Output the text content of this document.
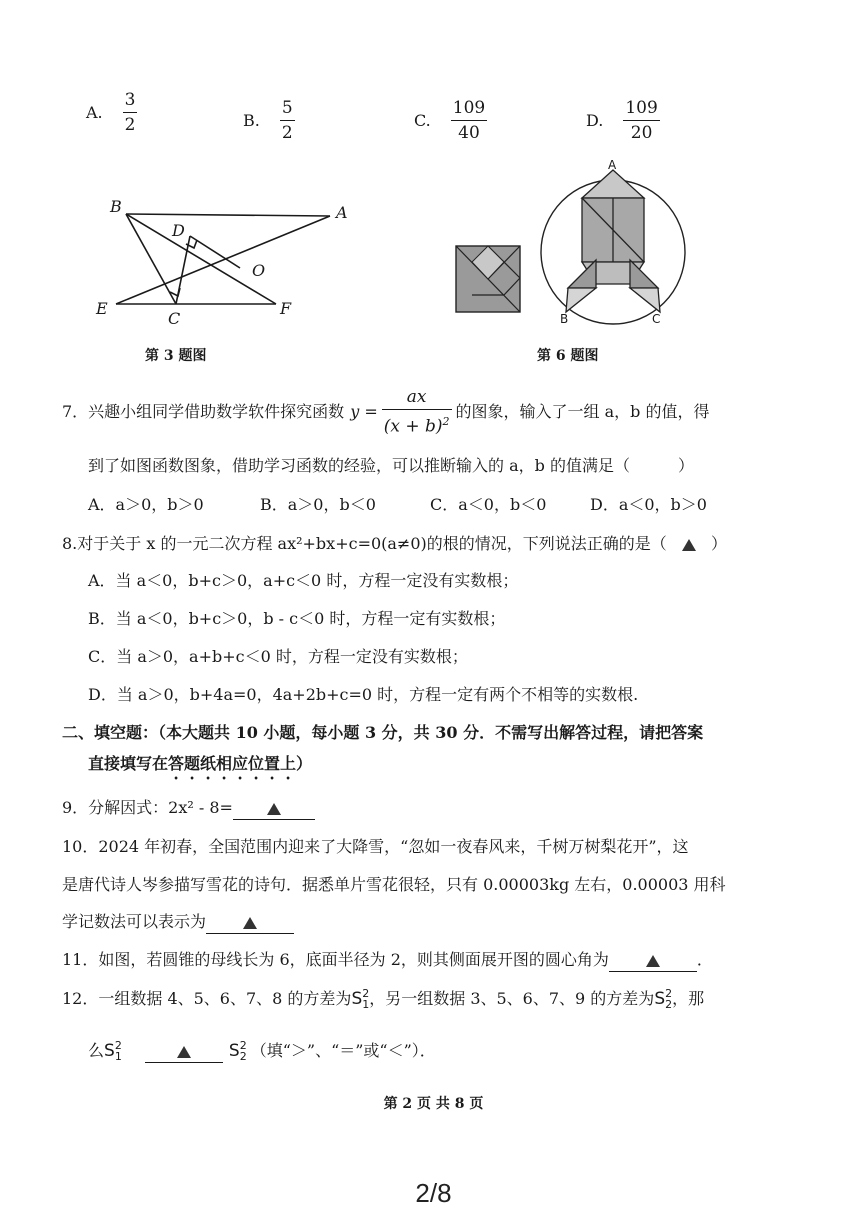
A. $\frac{3}{2}$	B. $\frac{5}{2}$	C. $\frac{109}{40}$	D. $\frac{109}{20}$
B	A
D
O
E
C
F
第 3 题图
A
B	C
第 6 题图
7．兴趣小组同学借助数学软件探究函数 $y = \frac{ax}{(x + b)^2}$ 的图象，输入了一组 a，b 的值，得
到了如图函数图象，借助学习函数的经验，可以推断输入的 a，b 的值满足（　　　）
A．a＞0，b＞0	B．a＞0，b＜0	C．a＜0，b＜0	D．a＜0，b＞0
8.对于关于 x 的一元二次方程 ax²+bx+c=0(a≠0)的根的情况，下列说法正确的是（	）
A．当 a＜0，b+c＞0，a+c＜0 时，方程一定没有实数根；
B．当 a＜0，b+c＞0，b - c＜0 时，方程一定有实数根；
C．当 a＞0，a+b+c＜0 时，方程一定没有实数根；
D．当 a＞0，b+4a=0，4a+2b+c=0 时，方程一定有两个不相等的实数根.
二、填空题：（本大题共 10 小题，每小题 3 分，共 30 分．不需写出解答过程，请把答案
直接填写在答题纸相应位置上）
9．分解因式：2x² - 8=
10．2024 年初春，全国范围内迎来了大降雪，“忽如一夜春风来，千树万树梨花开”，这
是唐代诗人岑参描写雪花的诗句．据悉单片雪花很轻，只有 0.00003kg 左右，0.00003 用科
学记数法可以表示为
11．如图，若圆锥的母线长为 6，底面半径为 2，则其侧面展开图的圆心角为	．
12．一组数据 4、5、6、7、8 的方差为S 2
1 ，另一组数据 3、5、6、7、9 的方差为S 2
2 ，那
么S 2
1	S 2
2 （填“＞”、“＝”或“＜”）．
第 2 页 共 8 页
2/8
